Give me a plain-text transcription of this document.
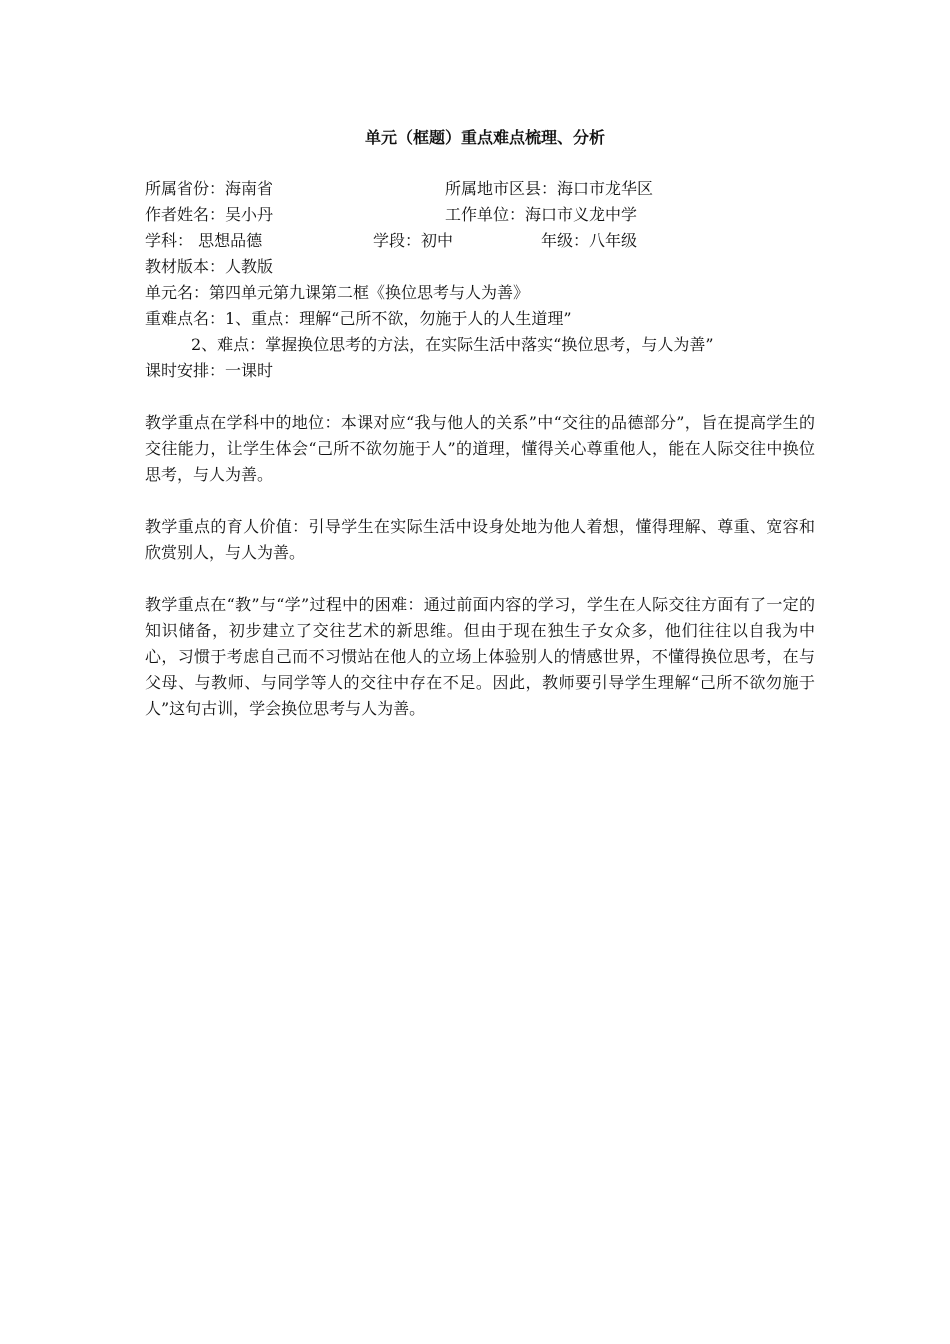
单元（框题）重点难点梳理、分析
所属省份：海南省	所属地市区县：海口市龙华区
作者姓名：吴小丹	工作单位：海口市义龙中学
学科： 思想品德	学段：初中	年级：八年级
教材版本：人教版
单元名：第四单元第九课第二框《换位思考与人为善》
重难点名：1、重点：理解“己所不欲，勿施于人的人生道理”
2、难点：掌握换位思考的方法，在实际生活中落实“换位思考，与人为善”
课时安排：一课时

教学重点在学科中的地位：本课对应“我与他人的关系”中“交往的品德部分”，旨在提高学生的交往能力，让学生体会“己所不欲勿施于人”的道理，懂得关心尊重他人，能在人际交往中换位思考，与人为善。

教学重点的育人价值：引导学生在实际生活中设身处地为他人着想，懂得理解、尊重、宽容和欣赏别人，与人为善。

教学重点在“教”与“学”过程中的困难：通过前面内容的学习，学生在人际交往方面有了一定的知识储备，初步建立了交往艺术的新思维。但由于现在独生子女众多，他们往往以自我为中心，习惯于考虑自己而不习惯站在他人的立场上体验别人的情感世界，不懂得换位思考，在与父母、与教师、与同学等人的交往中存在不足。因此，教师要引导学生理解“己所不欲勿施于人”这句古训，学会换位思考与人为善。
